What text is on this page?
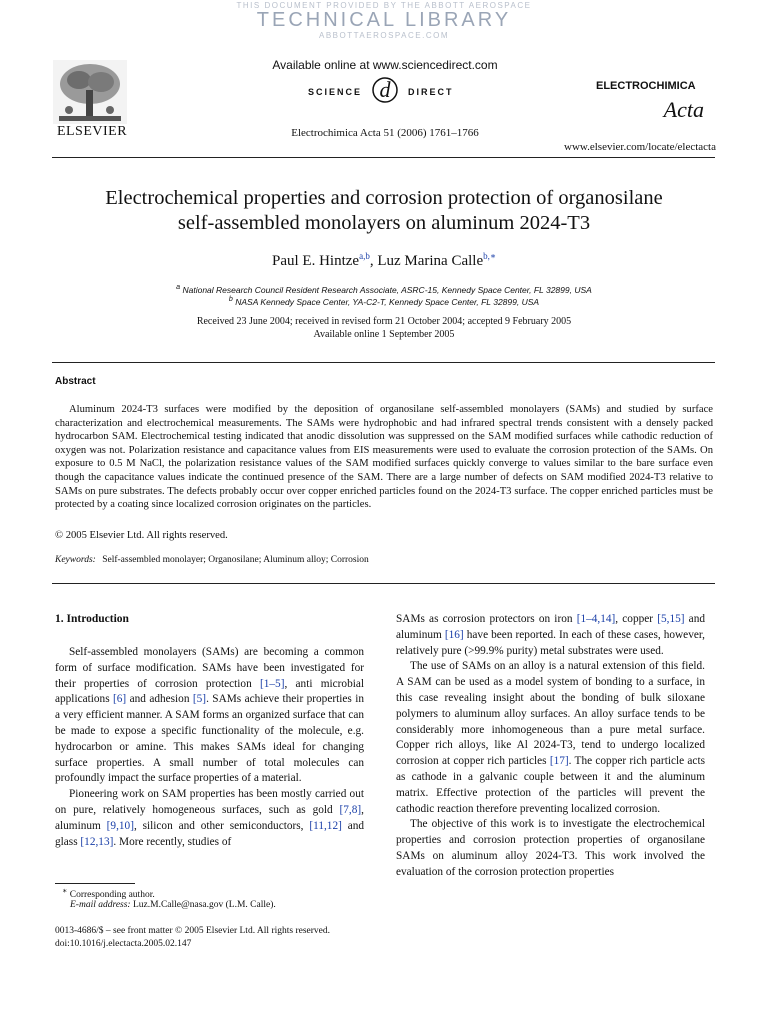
THIS DOCUMENT PROVIDED BY THE ABBOTT AEROSPACE
TECHNICAL LIBRARY
ABBOTTAEROSPACE.COM
ELSEVIER
Available online at www.sciencedirect.com
SCIENCE d DIRECT
Electrochimica Acta 51 (2006) 1761–1766
ELECTROCHIMICA
Acta
www.elsevier.com/locate/electacta
Electrochemical properties and corrosion protection of organosilane
self-assembled monolayers on aluminum 2024-T3
Paul E. Hintze$^{a,b}$, Luz Marina Calle$^{b,∗}$
$^a$ National Research Council Resident Research Associate, ASRC-15, Kennedy Space Center, FL 32899, USA
$^b$ NASA Kennedy Space Center, YA-C2-T, Kennedy Space Center, FL 32899, USA
Received 23 June 2004; received in revised form 21 October 2004; accepted 9 February 2005
Available online 1 September 2005
Abstract
Aluminum 2024-T3 surfaces were modified by the deposition of organosilane self-assembled monolayers (SAMs) and studied by surface characterization and electrochemical measurements. The SAMs were hydrophobic and had infrared spectral trends consistent with a densely packed hydrocarbon SAM. Electrochemical testing indicated that anodic dissolution was suppressed on the SAM modified surfaces while cathodic reduction of oxygen was not. Polarization resistance and capacitance values from EIS measurements were used to evaluate the corrosion protection of the SAMs. On exposure to 0.5 M NaCl, the polarization resistance values of the SAM modified surfaces quickly converge to values similar to the bare surface even though the capacitance values indicate the continued presence of the SAM. There are a large number of defects on SAM modified 2024-T3 relative to SAMs on pure substrates. The defects probably occur over copper enriched particles found on the 2024-T3 surface. The copper enriched particles must be protected by a coating since localized corrosion originates on the particles.
© 2005 Elsevier Ltd. All rights reserved.
Keywords: Self-assembled monolayer; Organosilane; Aluminum alloy; Corrosion
1. Introduction

Self-assembled monolayers (SAMs) are becoming a common form of surface modification. SAMs have been investigated for their properties of corrosion protection [1–5], anti microbial applications [6] and adhesion [5]. SAMs achieve their properties in a very efficient manner. A SAM forms an organized surface that can be made to expose a specific functionality of the molecule, e.g. hydrocarbon or amine. This makes SAMs ideal for changing surface properties. A small number of total molecules can profoundly impact the surface properties of a material.

Pioneering work on SAM properties has been mostly carried out on pure, relatively homogeneous surfaces, such as gold [7,8], aluminum [9,10], silicon and other semiconductors, [11,12] and glass [12,13]. More recently, studies of

SAMs as corrosion protectors on iron [1–4,14], copper [5,15] and aluminum [16] have been reported. In each of these cases, however, relatively pure (>99.9% purity) metal substrates were used.

The use of SAMs on an alloy is a natural extension of this field. A SAM can be used as a model system of bonding to a surface, in this case revealing insight about the bonding of bulk siloxane polymers to aluminum alloy surfaces. An alloy surface tends to be considerably more inhomogeneous than a pure metal surface. Copper rich alloys, like Al 2024-T3, tend to undergo localized corrosion at copper rich particles [17]. The copper rich particle acts as cathode in a galvanic couple between it and the aluminum matrix. Effective protection of the particles will prevent the cathodic reaction therefore preventing localized corrosion.

The objective of this work is to investigate the electrochemical properties and corrosion protection properties of organosilane SAMs on aluminum alloy 2024-T3. This work involved the evaluation of the corrosion protection properties

∗ Corresponding author.
E-mail address: Luz.M.Calle@nasa.gov (L.M. Calle).
0013-4686/$ – see front matter © 2005 Elsevier Ltd. All rights reserved.
doi:10.1016/j.electacta.2005.02.147
